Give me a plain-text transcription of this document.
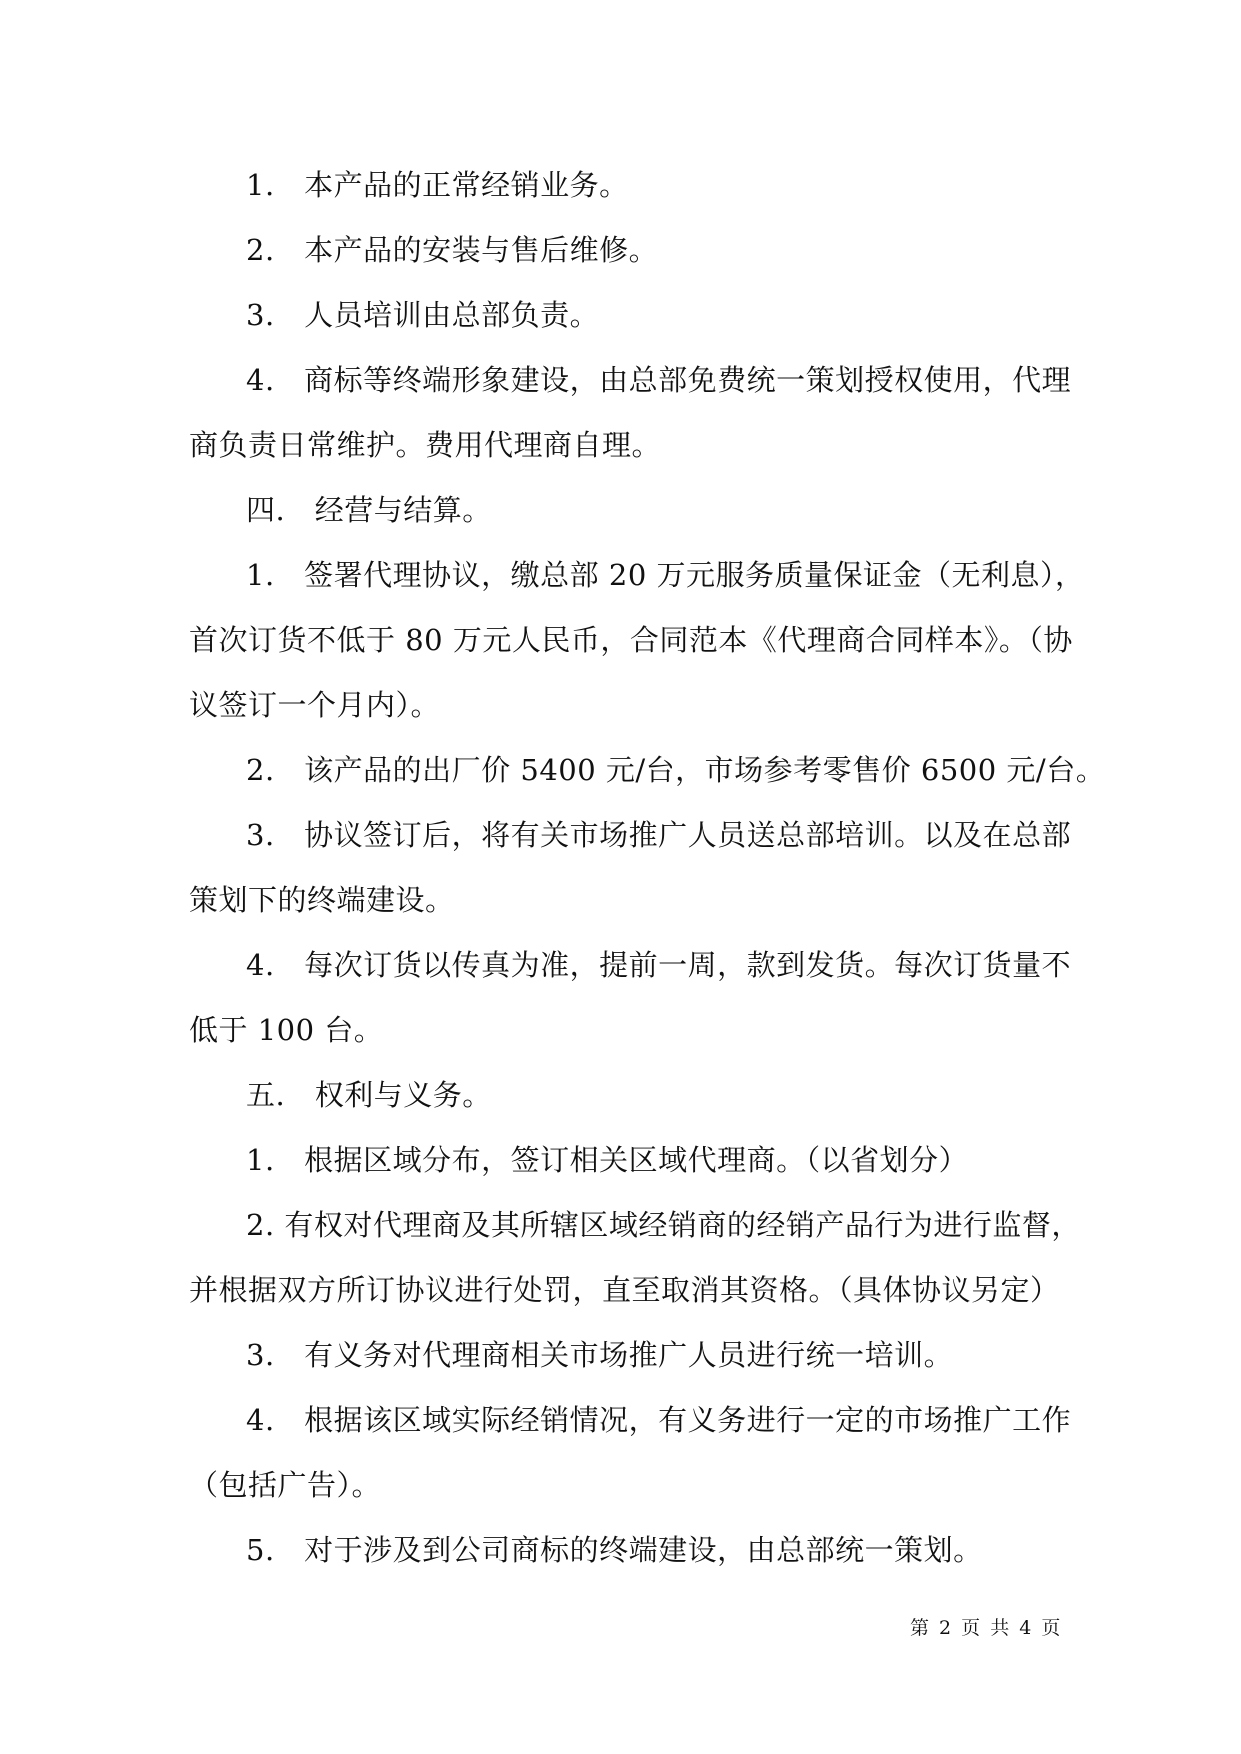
1.　本产品的正常经销业务。
2.　本产品的安装与售后维修。
3.　人员培训由总部负责。
4.　商标等终端形象建设，由总部免费统一策划授权使用，代理
商负责日常维护。费用代理商自理。
四.　经营与结算。
1.　签署代理协议，缴总部 20 万元服务质量保证金（无利息），
首次订货不低于 80 万元人民币，合同范本《代理商合同样本》。（协
议签订一个月内）。
2.　该产品的出厂价 5400 元/台，市场参考零售价 6500 元/台。
3.　协议签订后，将有关市场推广人员送总部培训。以及在总部
策划下的终端建设。
4.　每次订货以传真为准，提前一周，款到发货。每次订货量不
低于 100 台。
五.　权利与义务。
1.　根据区域分布，签订相关区域代理商。（以省划分）
2. 有权对代理商及其所辖区域经销商的经销产品行为进行监督，
并根据双方所订协议进行处罚，直至取消其资格。（具体协议另定）
3.　有义务对代理商相关市场推广人员进行统一培训。
4.　根据该区域实际经销情况，有义务进行一定的市场推广工作
（包括广告）。
5.　对于涉及到公司商标的终端建设，由总部统一策划。
第 2 页 共 4 页
